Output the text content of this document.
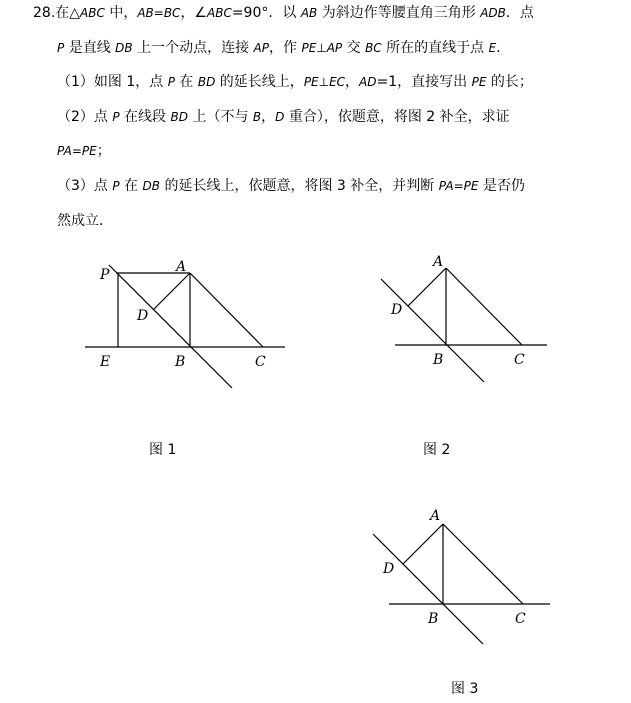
28.在△ABC 中，AB=BC，∠ABC=90°．以 AB 为斜边作等腰直角三角形 ADB．点
P 是直线 DB 上一个动点，连接 AP，作 PE⊥AP 交 BC 所在的直线于点 E．
（1）如图 1，点 P 在 BD 的延长线上，PE⊥EC，AD=1，直接写出 PE 的长；
（2）点 P 在线段 BD 上（不与 B，D 重合），依题意，将图 2 补全，求证
PA=PE；
（3）点 P 在 DB 的延长线上，依题意，将图 3 补全，并判断 PA=PE 是否仍
然成立．
P	A
D
E	B	C
A
D
B	C
A
D
B	C
图 1	图 2
图 3
